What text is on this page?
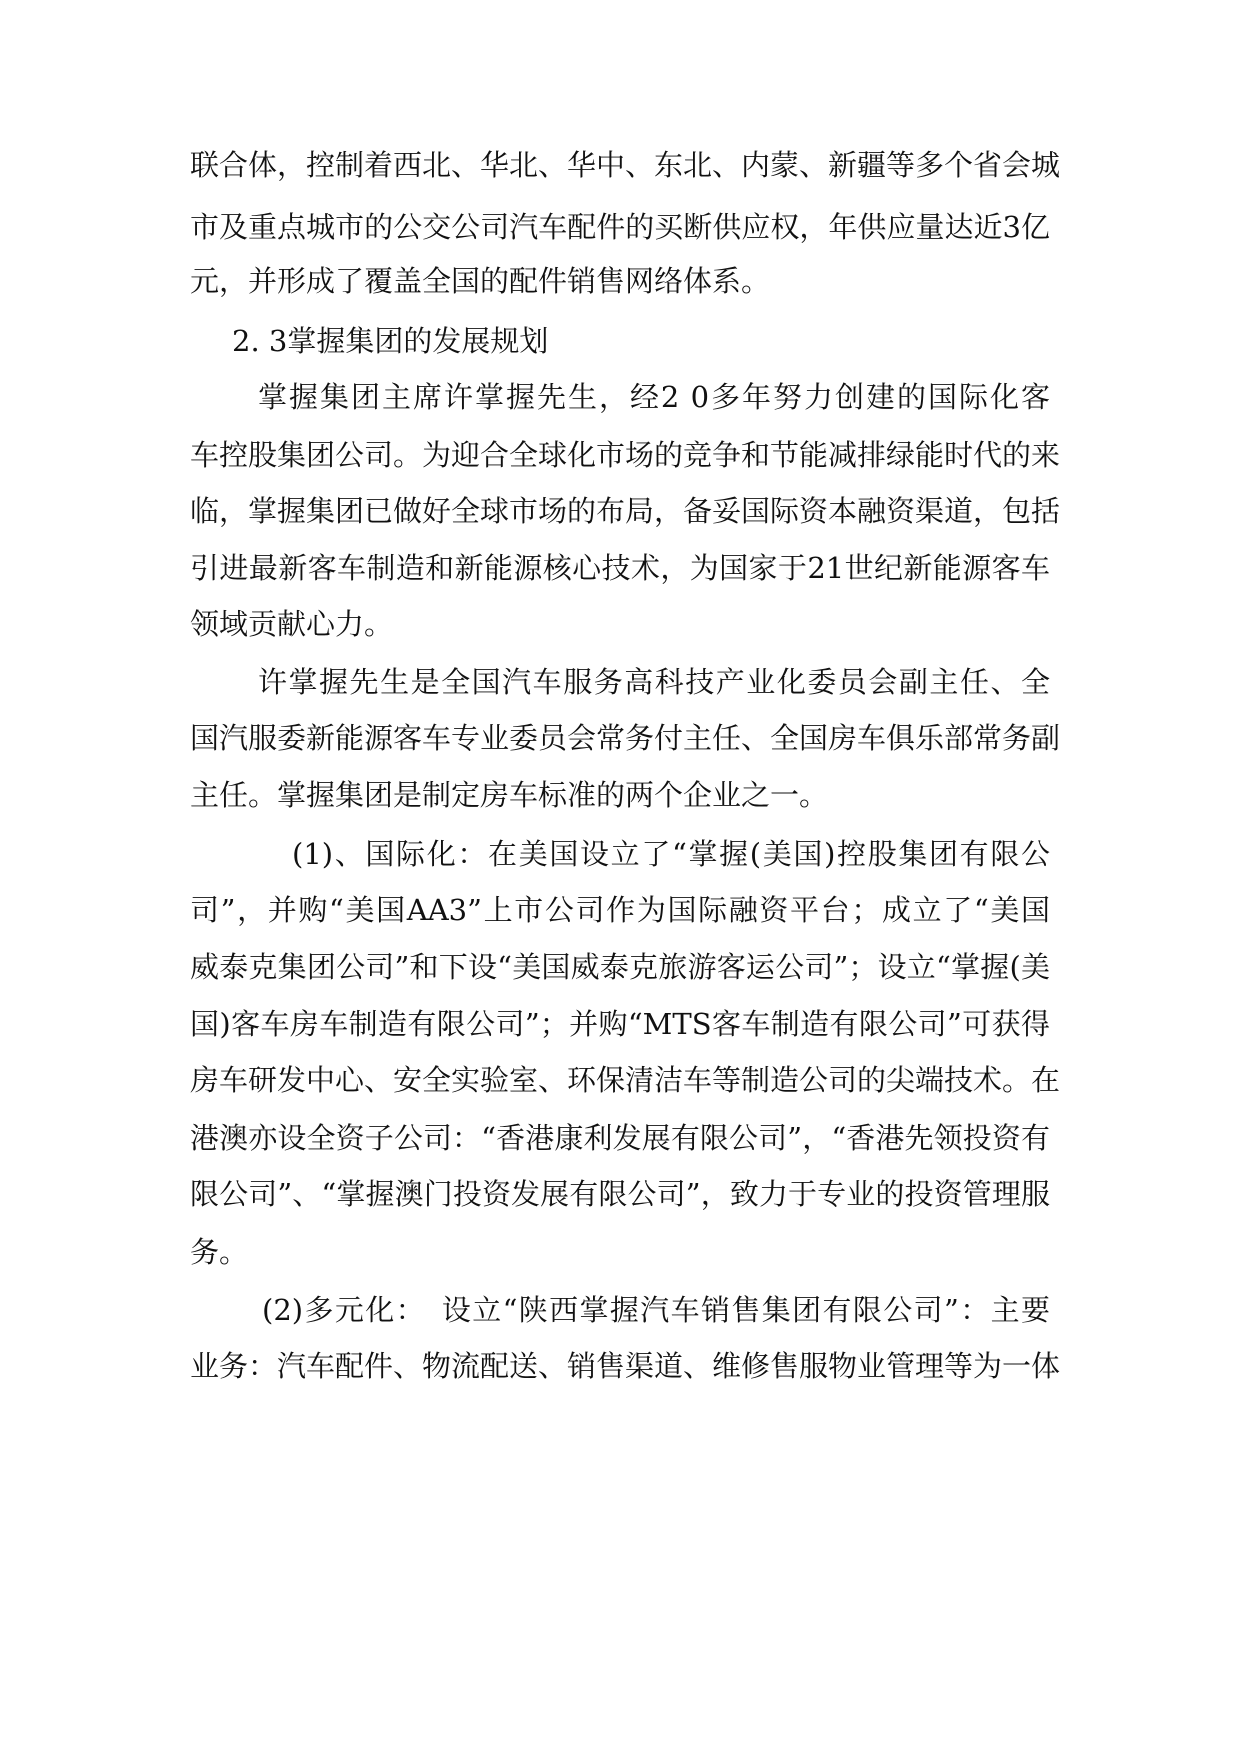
联合体，控制着西北、华北、华中、东北、内蒙、新疆等多个省会城
市及重点城市的公交公司汽车配件的买断供应权，年供应量达近3亿
元，并形成了覆盖全国的配件销售网络体系。
2. 3掌握集团的发展规划
掌握集团主席许掌握先生，经2 0多年努力创建的国际化客
车控股集团公司。为迎合全球化市场的竞争和节能减排绿能时代的来
临，掌握集团已做好全球市场的布局，备妥国际资本融资渠道，包括
引进最新客车制造和新能源核心技术，为国家于21世纪新能源客车
领域贡献心力。
许掌握先生是全国汽车服务高科技产业化委员会副主任、全
国汽服委新能源客车专业委员会常务付主任、全国房车俱乐部常务副
主任。掌握集团是制定房车标准的两个企业之一。
(1)、国际化：在美国设立了“掌握(美国)控股集团有限公
司”，并购“美国AA3”上市公司作为国际融资平台；成立了“美国
威泰克集团公司”和下设“美国威泰克旅游客运公司”；设立“掌握(美
国)客车房车制造有限公司”；并购“MTS客车制造有限公司”可获得
房车研发中心、安全实验室、环保清洁车等制造公司的尖端技术。在
港澳亦设全资子公司：“香港康利发展有限公司”，“香港先领投资有
限公司”、“掌握澳门投资发展有限公司”，致力于专业的投资管理服
务。
(2)多元化：　设立“陕西掌握汽车销售集团有限公司”：主要
业务：汽车配件、物流配送、销售渠道、维修售服物业管理等为一体
